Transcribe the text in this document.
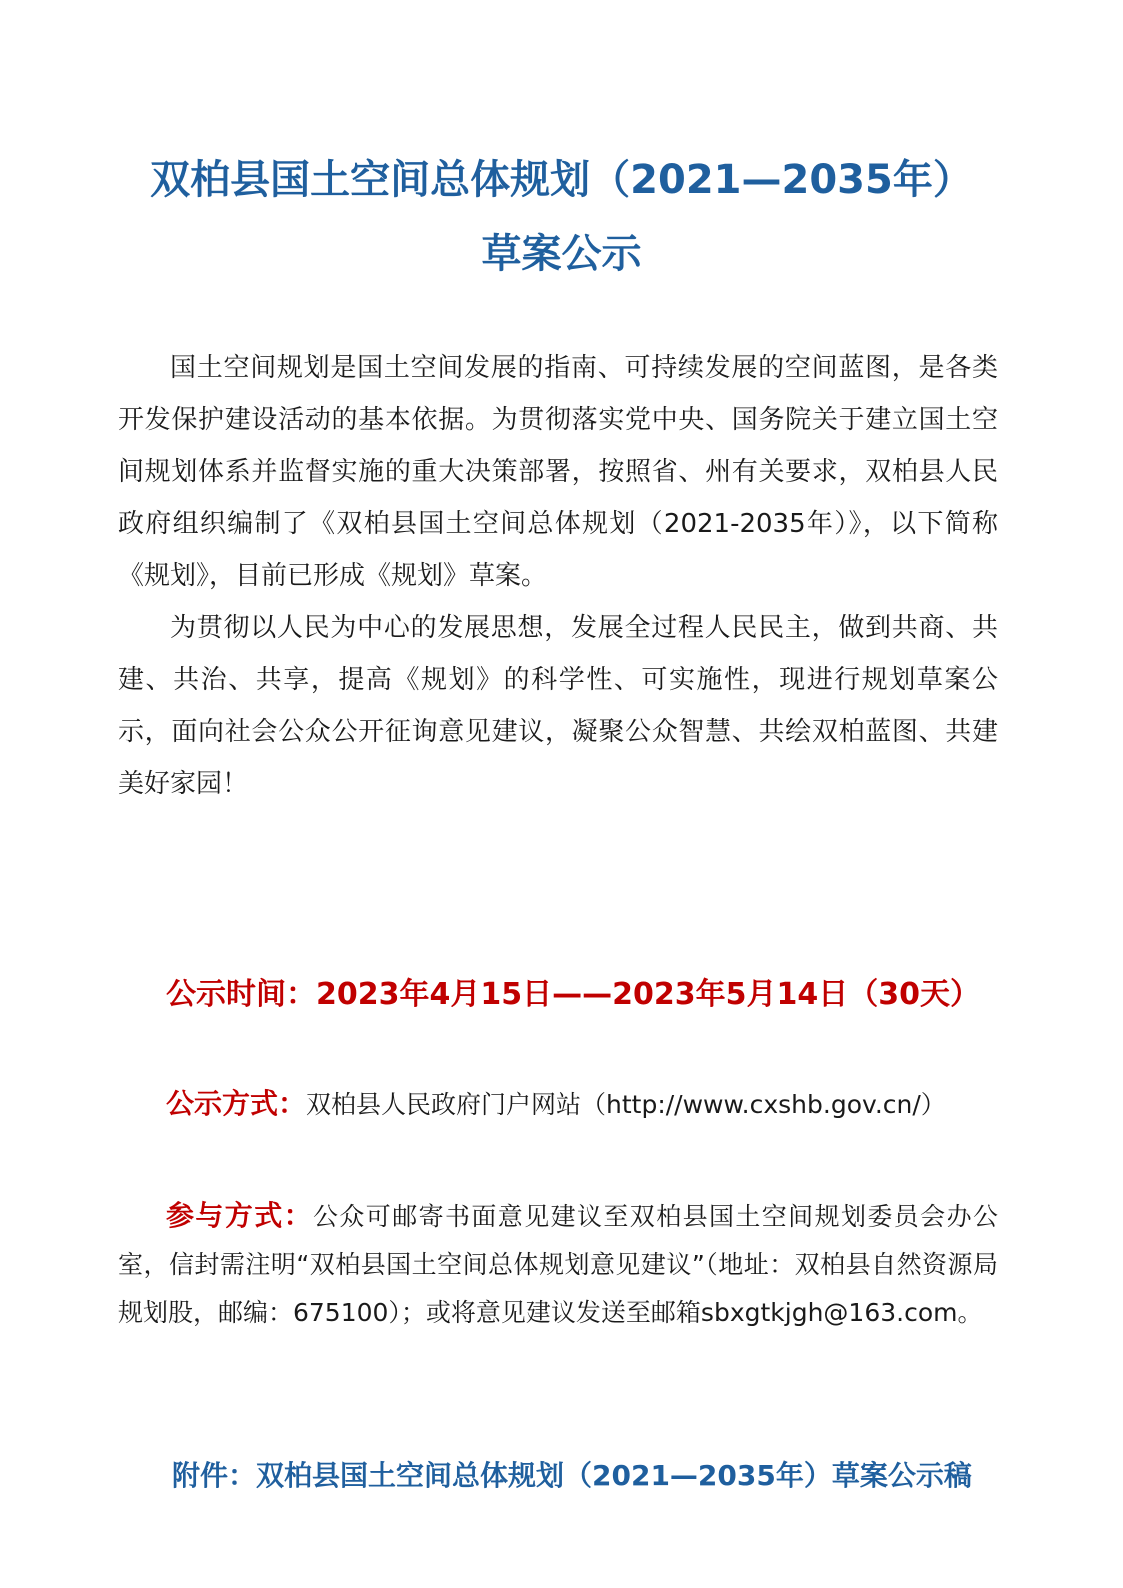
双柏县国土空间总体规划（2021—2035年）
草案公示

国土空间规划是国土空间发展的指南、可持续发展的空间蓝图，是各类开发保护建设活动的基本依据。为贯彻落实党中央、国务院关于建立国土空间规划体系并监督实施的重大决策部署，按照省、州有关要求，双柏县人民政府组织编制了《双柏县国土空间总体规划（2021-2035年）》，以下简称《规划》，目前已形成《规划》草案。

为贯彻以人民为中心的发展思想，发展全过程人民民主，做到共商、共建、共治、共享，提高《规划》的科学性、可实施性，现进行规划草案公示，面向社会公众公开征询意见建议，凝聚公众智慧、共绘双柏蓝图、共建美好家园！

公示时间：2023年4月15日——2023年5月14日（30天）

公示方式：双柏县人民政府门户网站（http://www.cxshb.gov.cn/）

参与方式：公众可邮寄书面意见建议至双柏县国土空间规划委员会办公室，信封需注明“双柏县国土空间总体规划意见建议”（地址：双柏县自然资源局规划股，邮编：675100）；或将意见建议发送至邮箱sbxgtkjgh@163.com。

附件：双柏县国土空间总体规划（2021—2035年）草案公示稿
